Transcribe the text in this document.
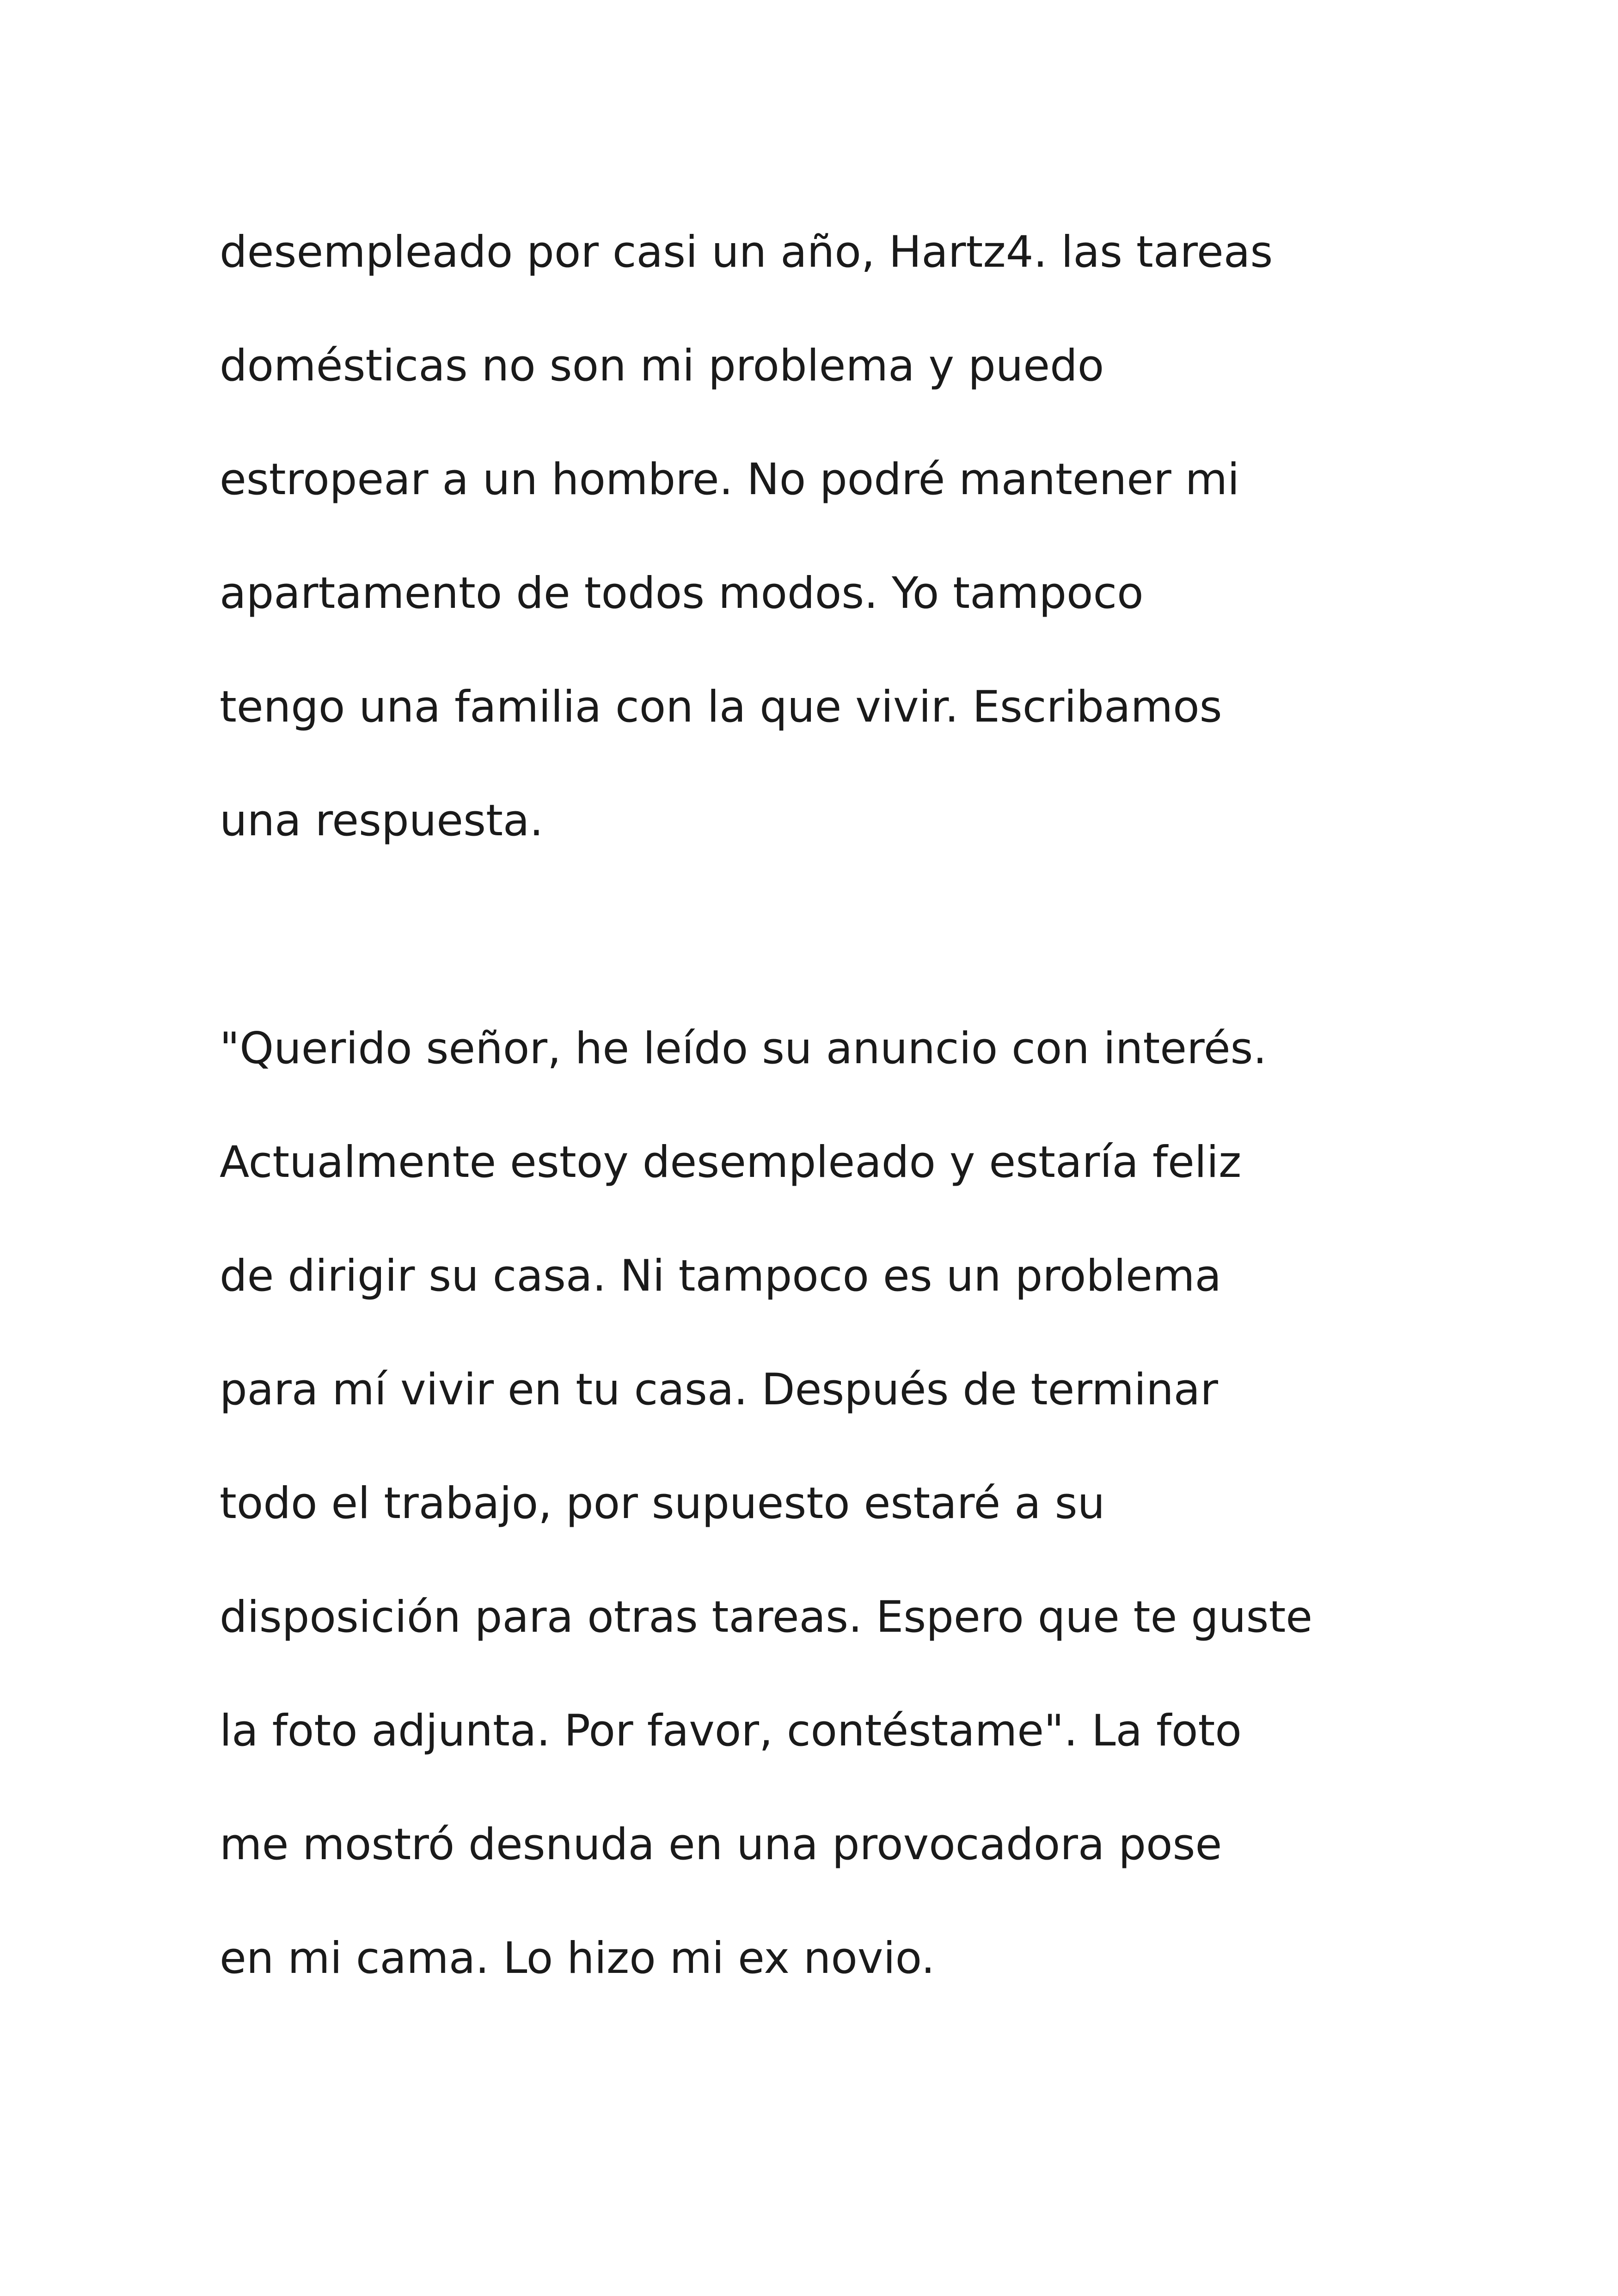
desempleado por casi un año, Hartz4. las tareas
domésticas no son mi problema y puedo
estropear a un hombre. No podré mantener mi
apartamento de todos modos. Yo tampoco
tengo una familia con la que vivir. Escribamos
una respuesta.
"Querido señor, he leído su anuncio con interés.
Actualmente estoy desempleado y estaría feliz
de dirigir su casa. Ni tampoco es un problema
para mí vivir en tu casa. Después de terminar
todo el trabajo, por supuesto estaré a su
disposición para otras tareas. Espero que te guste
la foto adjunta. Por favor, contéstame". La foto
me mostró desnuda en una provocadora pose
en mi cama. Lo hizo mi ex novio.
